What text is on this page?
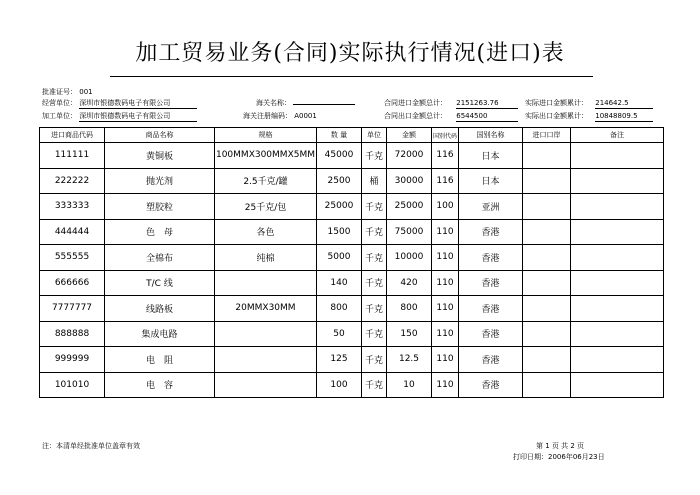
加工贸易业务(合同)实际执行情况(进口)表
批准证号： 001
经营单位： 深圳市银德数码电子有限公司
加工单位： 深圳市银德数码电子有限公司
海关名称：
海关注册编码： A0001
合同进口金额总计： 2151263.76
合同出口金额总计： 6544500
实际进口金额累计： 214642.5
实际出口金额累计： 10848809.5
进口商品代码	商品名称	规格	数 量	单位	金额	国别代码	国别名称	进口口岸	备注
111111	黄铜板	100MMX300MMX5MM	45000	千克	72000	116	日本		
222222	抛光剂	2.5千克/罐	2500	桶	30000	116	日本		
333333	塑胶粒	25千克/包	25000	千克	25000	100	亚洲		
444444	色　母	各色	1500	千克	75000	110	香港		
555555	全棉布	纯棉	5000	千克	10000	110	香港		
666666	T/C 线		140	千克	420	110	香港		
7777777	线路板	20MMX30MM	800	千克	800	110	香港		
888888	集成电路		50	千克	150	110	香港		
999999	电　阻		125	千克	12.5	110	香港		
101010	电　容		100	千克	10	110	香港		
注：本清单经批准单位盖章有效	第 1 页 共 2 页
打印日期：2006年06月23日
